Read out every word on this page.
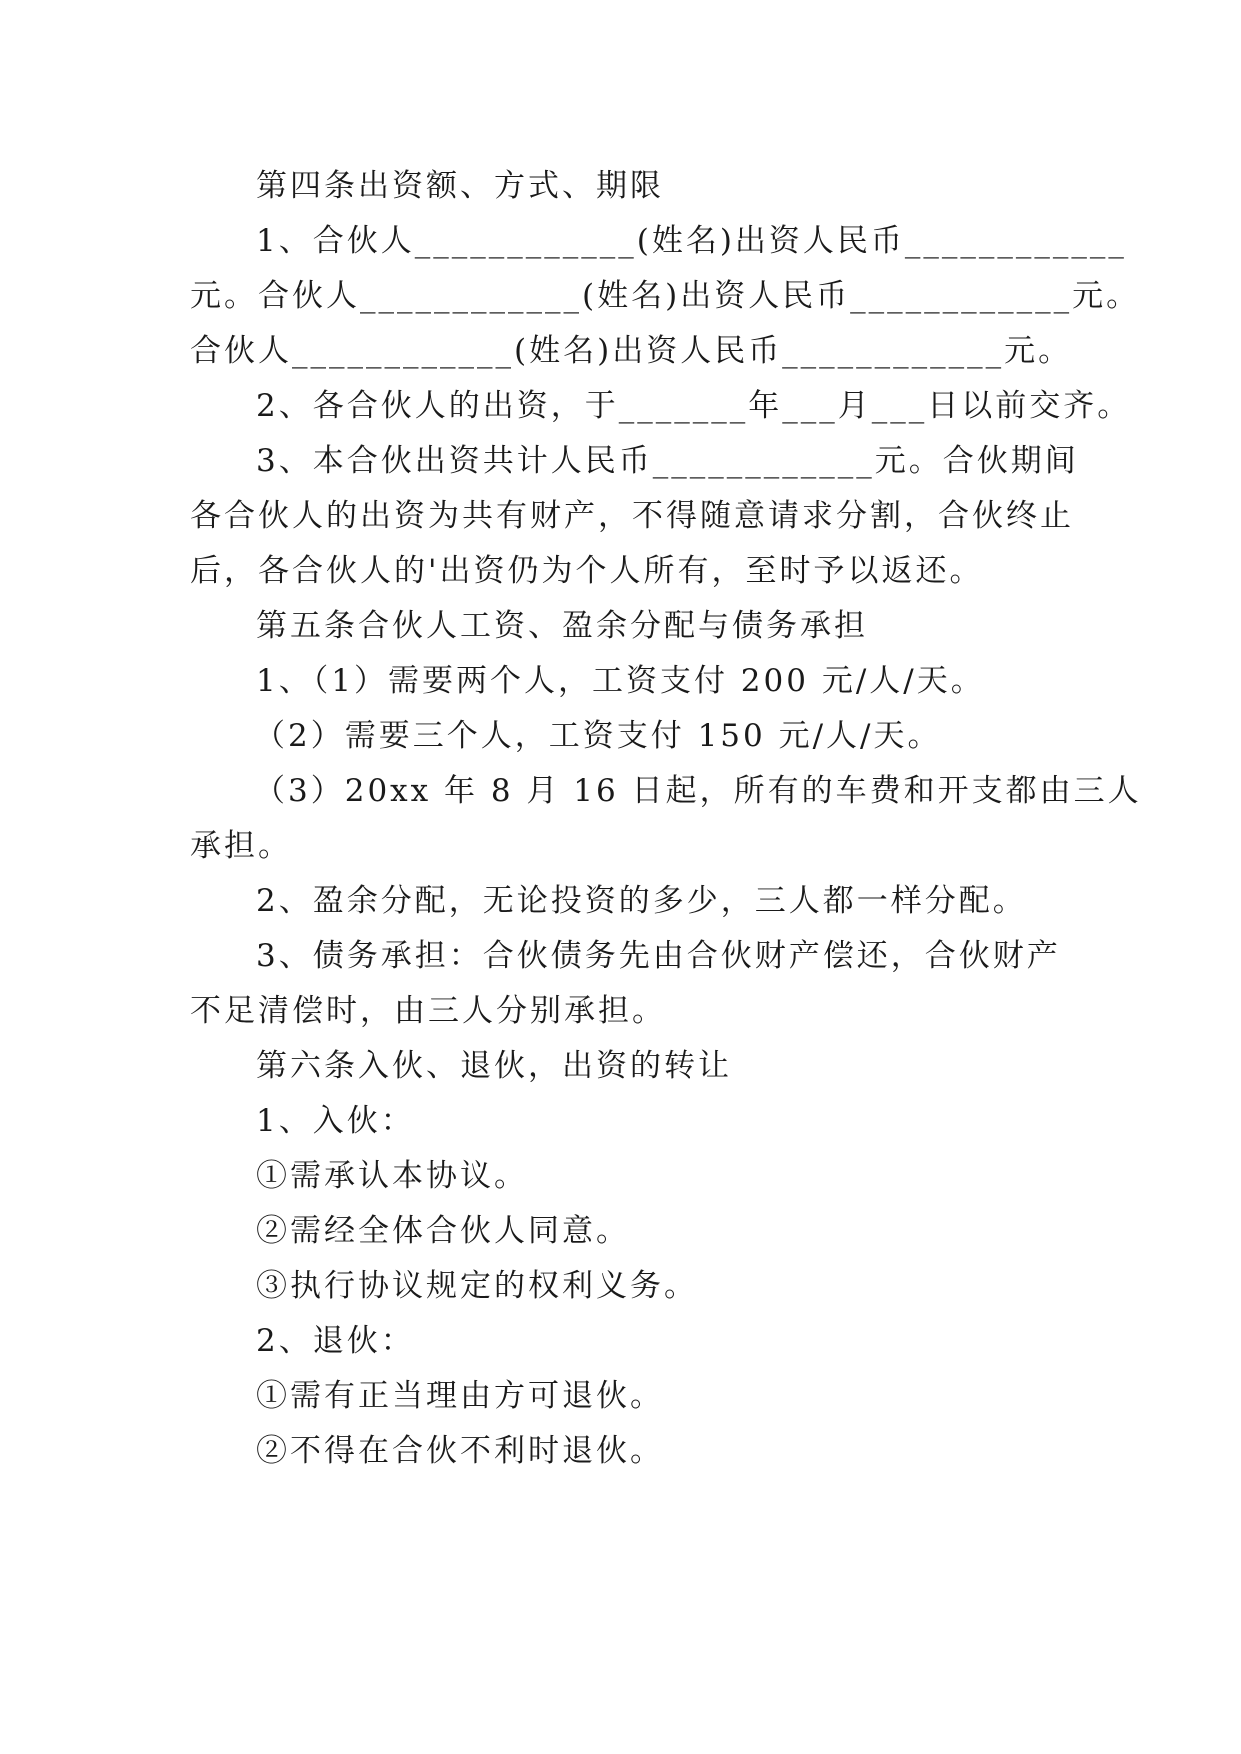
第四条出资额、方式、期限
1、合伙人____________(姓名)出资人民币____________
元。合伙人____________(姓名)出资人民币____________元。
合伙人____________(姓名)出资人民币____________元。
2、各合伙人的出资，于_______年___月___日以前交齐。
3、本合伙出资共计人民币____________元。合伙期间
各合伙人的出资为共有财产，不得随意请求分割，合伙终止
后，各合伙人的'出资仍为个人所有，至时予以返还。
第五条合伙人工资、盈余分配与债务承担
1、（1）需要两个人，工资支付 200 元/人/天。
（2）需要三个人，工资支付 150 元/人/天。
（3）20xx 年 8 月 16 日起，所有的车费和开支都由三人
承担。
2、盈余分配，无论投资的多少，三人都一样分配。
3、债务承担：合伙债务先由合伙财产偿还，合伙财产
不足清偿时，由三人分别承担。
第六条入伙、退伙，出资的转让
1、入伙：
①需承认本协议。
②需经全体合伙人同意。
③执行协议规定的权利义务。
2、退伙：
①需有正当理由方可退伙。
②不得在合伙不利时退伙。
